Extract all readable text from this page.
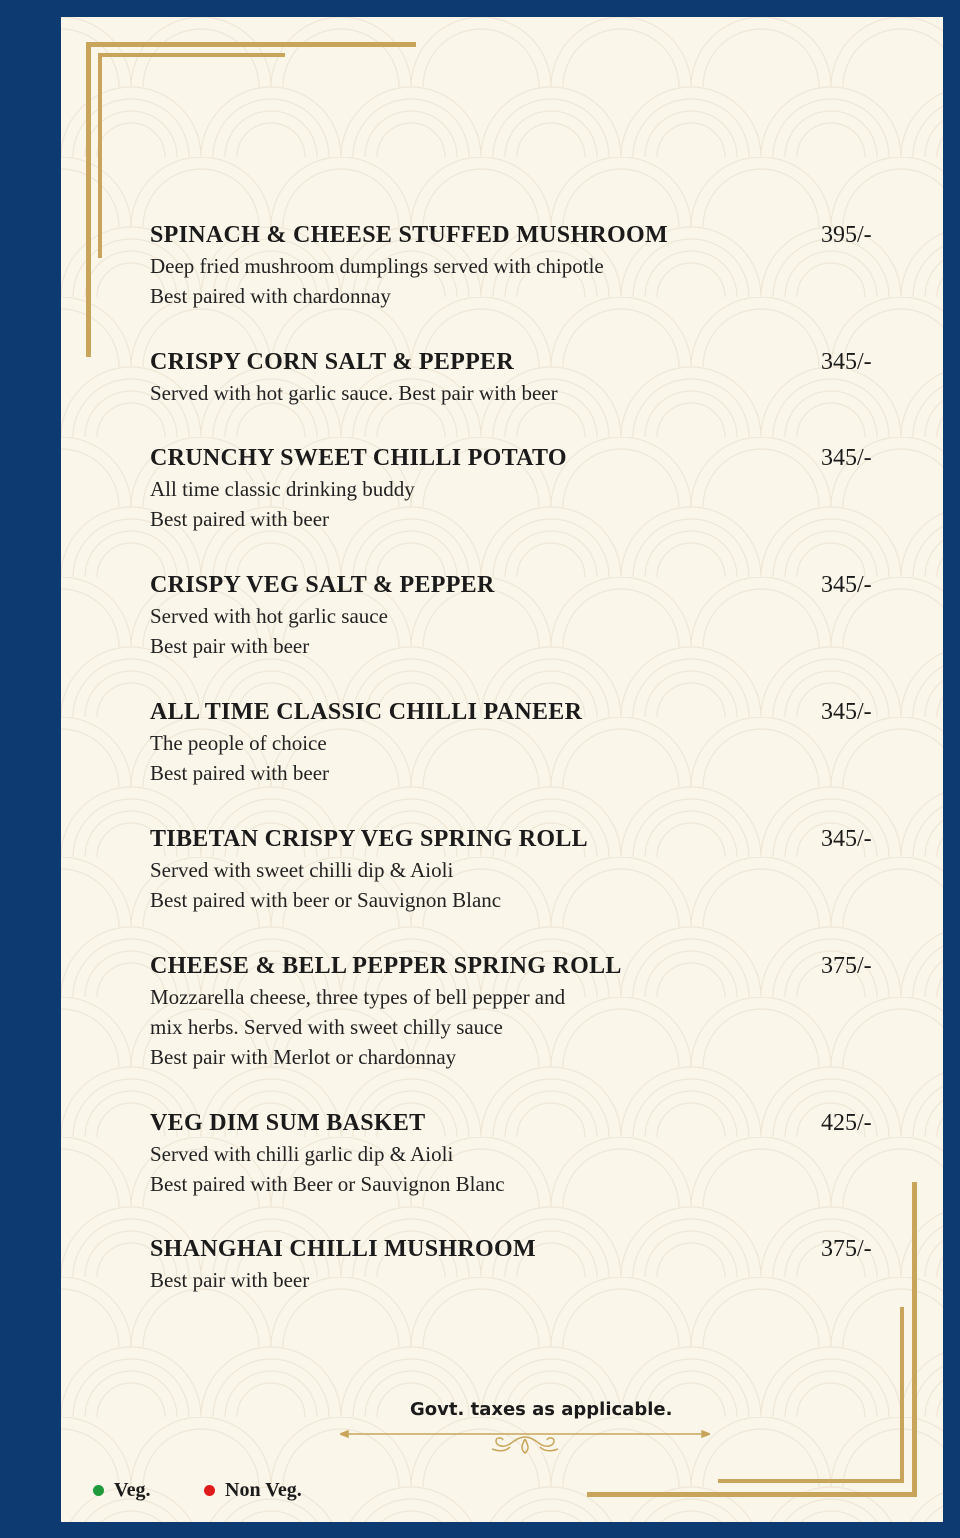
SPINACH & CHEESE STUFFED MUSHROOM	395/-
Deep fried mushroom dumplings served with chipotle
Best paired with chardonnay
CRISPY CORN SALT & PEPPER	345/-
Served with hot garlic sauce. Best pair with beer
CRUNCHY SWEET CHILLI POTATO	345/-
All time classic drinking buddy
Best paired with beer
CRISPY VEG SALT & PEPPER	345/-
Served with hot garlic sauce
Best pair with beer
ALL TIME CLASSIC CHILLI PANEER	345/-
The people of choice
Best paired with beer
TIBETAN CRISPY VEG SPRING ROLL	345/-
Served with sweet chilli dip & Aioli
Best paired with beer or Sauvignon Blanc
CHEESE & BELL PEPPER SPRING ROLL	375/-
Mozzarella cheese, three types of bell pepper and
mix herbs. Served with sweet chilly sauce
Best pair with Merlot or chardonnay
VEG DIM SUM BASKET	425/-
Served with chilli garlic dip & Aioli
Best paired with Beer or Sauvignon Blanc
SHANGHAI CHILLI MUSHROOM	375/-
Best pair with beer
Govt. taxes as applicable.
Veg.	Non Veg.
